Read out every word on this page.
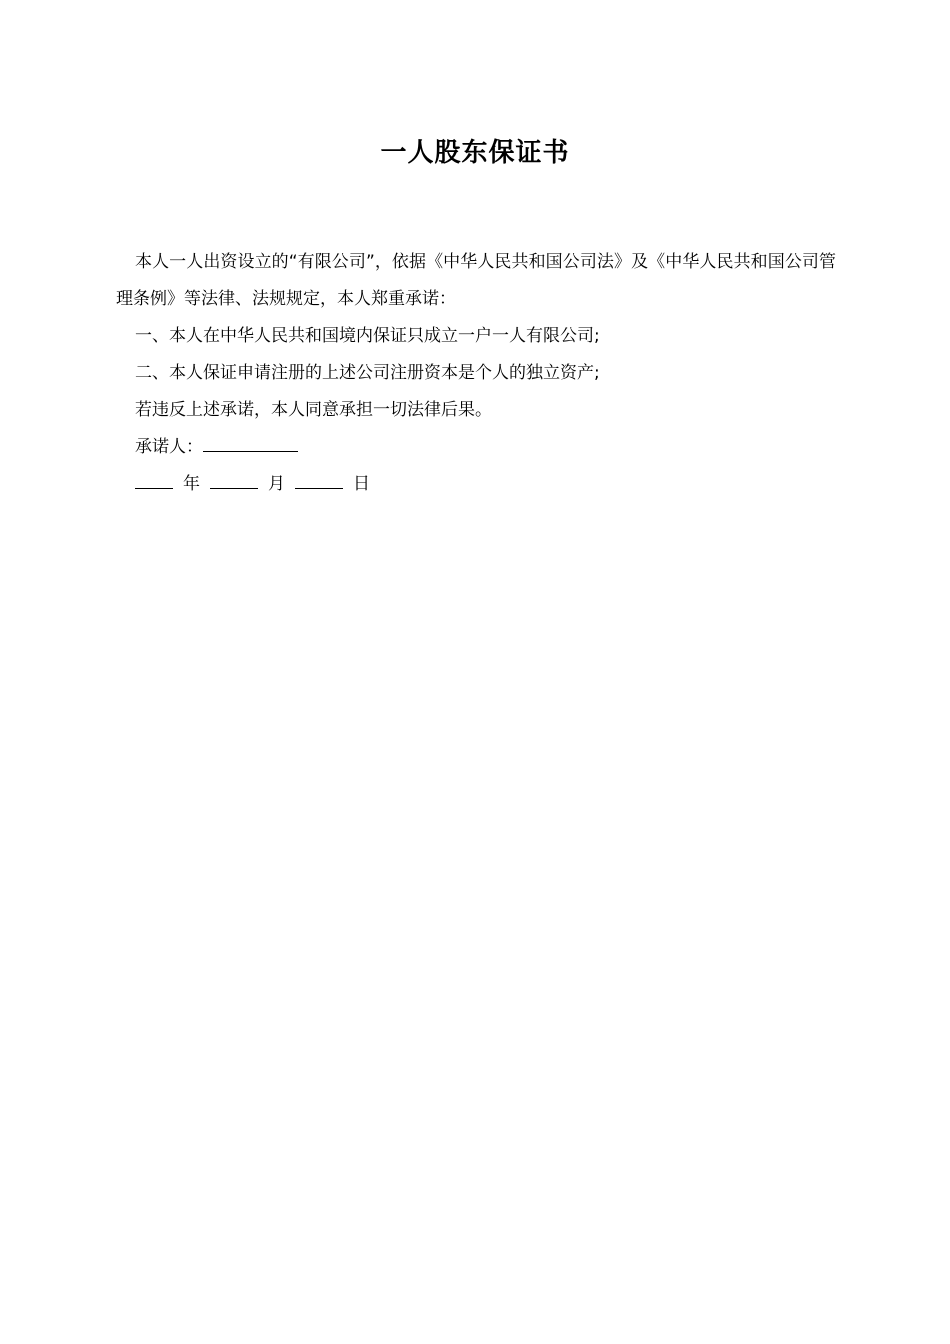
一人股东保证书

本人一人出资设立的“有限公司”，依据《中华人民共和国公司法》及《中华人民共和国公司管理条例》等法律、法规规定，本人郑重承诺：

一、本人在中华人民共和国境内保证只成立一户一人有限公司;

二、本人保证申请注册的上述公司注册资本是个人的独立资产;

若违反上述承诺，本人同意承担一切法律后果。

承诺人：

年	月	日
